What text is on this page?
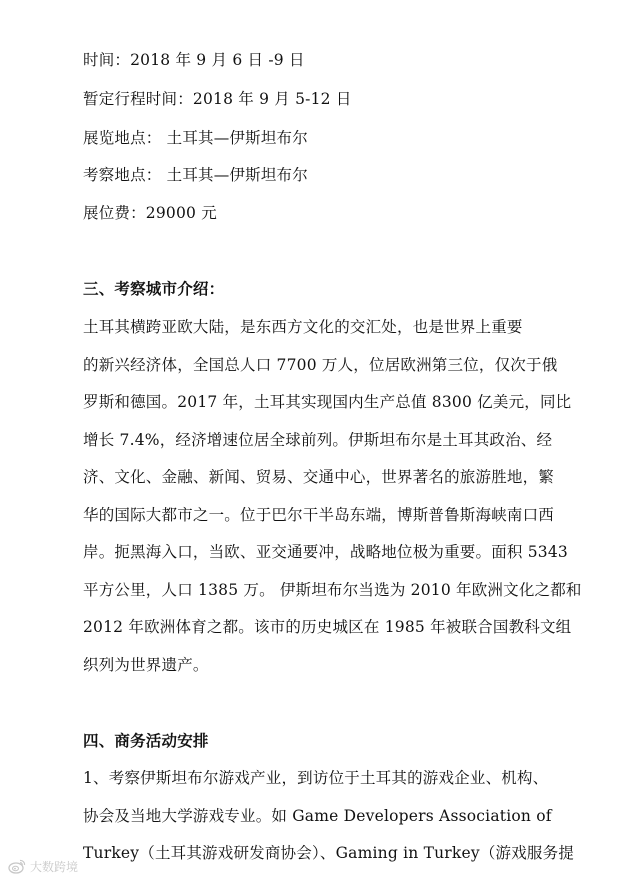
时间：2018 年 9 月 6 日 -9 日
暂定行程时间：2018 年 9 月 5-12 日
展览地点： 土耳其—伊斯坦布尔
考察地点： 土耳其—伊斯坦布尔
展位费：29000 元
三、考察城市介绍：
土耳其横跨亚欧大陆，是东西方文化的交汇处，也是世界上重要
的新兴经济体，全国总人口 7700 万人，位居欧洲第三位，仅次于俄
罗斯和德国。2017 年，土耳其实现国内生产总值 8300 亿美元，同比
增长 7.4%，经济增速位居全球前列。伊斯坦布尔是土耳其政治、经
济、文化、金融、新闻、贸易、交通中心，世界著名的旅游胜地，繁
华的国际大都市之一。位于巴尔干半岛东端，博斯普鲁斯海峡南口西
岸。扼黑海入口，当欧、亚交通要冲，战略地位极为重要。面积 5343
平方公里，人口 1385 万。 伊斯坦布尔当选为 2010 年欧洲文化之都和
2012 年欧洲体育之都。该市的历史城区在 1985 年被联合国教科文组
织列为世界遗产。
四、商务活动安排
1、考察伊斯坦布尔游戏产业，到访位于土耳其的游戏企业、机构、
协会及当地大学游戏专业。如 Game Developers Association of
Turkey（土耳其游戏研发商协会）、Gaming in Turkey（游戏服务提
大数跨境
